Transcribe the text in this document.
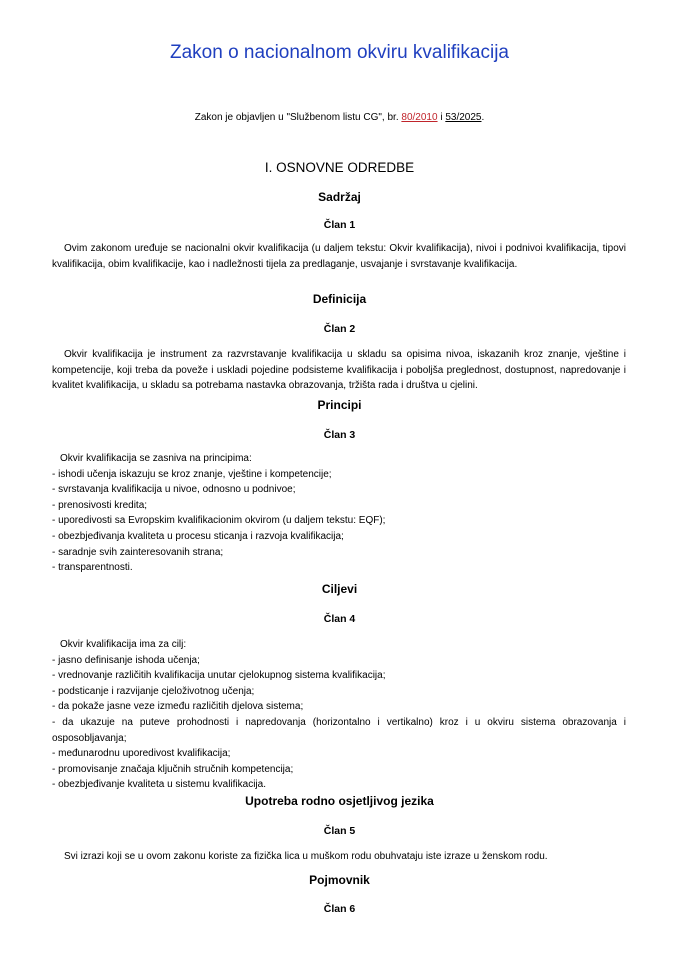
Zakon o nacionalnom okviru kvalifikacija
Zakon je objavljen u "Službenom listu CG", br. 80/2010 i 53/2025.
I. OSNOVNE ODREDBE
Sadržaj
Član 1
Ovim zakonom uređuje se nacionalni okvir kvalifikacija (u daljem tekstu: Okvir kvalifikacija), nivoi i podnivoi kvalifikacija, tipovi kvalifikacija, obim kvalifikacije, kao i nadležnosti tijela za predlaganje, usvajanje i svrstavanje kvalifikacija.
Definicija
Član 2
Okvir kvalifikacija je instrument za razvrstavanje kvalifikacija u skladu sa opisima nivoa, iskazanih kroz znanje, vještine i kompetencije, koji treba da poveže i uskladi pojedine podsisteme kvalifikacija i poboljša preglednost, dostupnost, napredovanje i kvalitet kvalifikacija, u skladu sa potrebama nastavka obrazovanja, tržišta rada i društva u cjelini.
Principi
Član 3
Okvir kvalifikacija se zasniva na principima:
- ishodi učenja iskazuju se kroz znanje, vještine i kompetencije;
- svrstavanja kvalifikacija u nivoe, odnosno u podnivoe;
- prenosivosti kredita;
- uporedivosti sa Evropskim kvalifikacionim okvirom (u daljem tekstu: EQF);
- obezbjeđivanja kvaliteta u procesu sticanja i razvoja kvalifikacija;
- saradnje svih zainteresovanih strana;
- transparentnosti.
Ciljevi
Član 4
Okvir kvalifikacija ima za cilj:
- jasno definisanje ishoda učenja;
- vrednovanje različitih kvalifikacija unutar cjelokupnog sistema kvalifikacija;
- podsticanje i razvijanje cjeloživotnog učenja;
- da pokaže jasne veze između različitih djelova sistema;
- da ukazuje na puteve prohodnosti i napredovanja (horizontalno i vertikalno) kroz i u okviru sistema obrazovanja i osposobljavanja;
- međunarodnu uporedivost kvalifikacija;
- promovisanje značaja ključnih stručnih kompetencija;
- obezbjeđivanje kvaliteta u sistemu kvalifikacija.
Upotreba rodno osjetljivog jezika
Član 5
Svi izrazi koji se u ovom zakonu koriste za fizička lica u muškom rodu obuhvataju iste izraze u ženskom rodu.
Pojmovnik
Član 6
